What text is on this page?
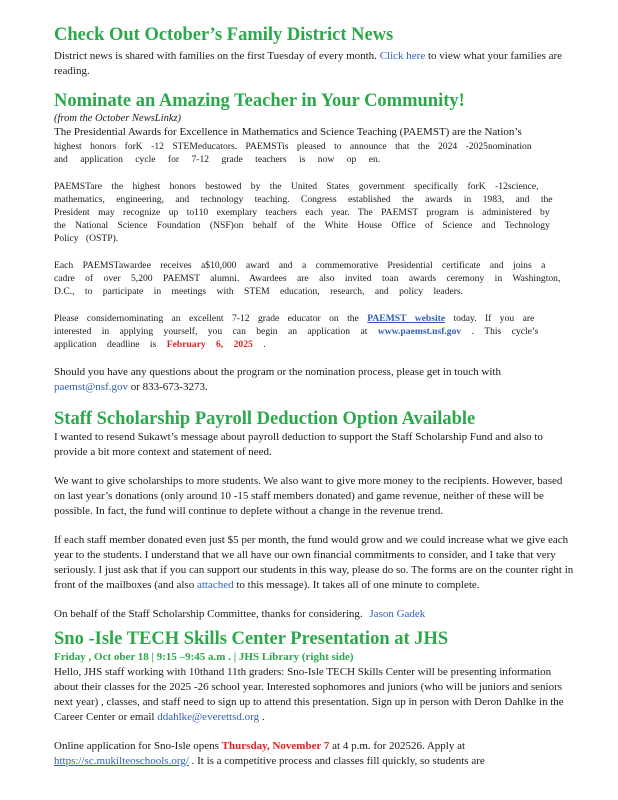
Check Out October’s Family District News

District news is shared with families on the first Tuesday of every month. Click here to view what your families are reading.

Nominate an Amazing Teacher in Your Community!

(from the October NewsLinkz)

The Presidential Awards for Excellence in Mathematics and Science Teaching (PAEMST) are the Nation’s

highest honors forK -12 STEMeducators. PAEMSTis pleased to announce that the 2024 -2025nomination

and application cycle for 7-12 grade teachers is now op en.

PAEMSTare the highest honors bestowed by the United States government specifically forK -12science,

mathematics, engineering, and technology teaching. Congress established the awards in 1983, and the

President may recognize up to110 exemplary teachers each year. The PAEMST program is administered by

the National Science Foundation (NSF)on behalf of the White House Office of Science and Technology

Policy (OSTP).

Each PAEMSTawardee receives a$10,000 award and a commemorative Presidential certificate and joins a

cadre of over 5,200 PAEMST alumni. Awardees are also invited toan awards ceremony in Washington,

D.C., to participate in meetings with STEM education, research, and policy leaders.

Please considernominating an excellent 7-12 grade educator on the PAEMST website today. If you are

interested in applying yourself, you can begin an application at www.paemst.nsf.gov . This cycle’s

application deadline is February 6, 2025 .

Should you have any questions about the program or the nomination process, please get in touch with

paemst@nsf.gov or 833-673-3273.

Staff Scholarship Payroll Deduction Option Available

I wanted to resend Sukawt’s message about payroll deduction to support the Staff Scholarship Fund and also to provide a bit more context and statement of need.

We want to give scholarships to more students. We also want to give more money to the recipients. However, based on last year’s donations (only around 10 -15 staff members donated) and game revenue, neither of these will be possible. In fact, the fund will continue to deplete without a change in the revenue trend.

If each staff member donated even just $5 per month, the fund would grow and we could increase what we give each year to the students. I understand that we all have our own financial commitments to consider, and I take that very seriously. I just ask that if you can support our students in this way, please do so. The forms are on the counter right in front of the mailboxes (and also attached to this message). It takes all of one minute to complete.

On behalf of the Staff Scholarship Committee, thanks for considering. Jason Gadek

Sno -Isle TECH Skills Center Presentation at JHS

Friday , Oct ober 18 | 9:15 –9:45 a.m . | JHS Library (right side)

Hello, JHS staff working with 10thand 11th graders: Sno-Isle TECH Skills Center will be presenting information about their classes for the 2025 -26 school year. Interested sophomores and juniors (who will be juniors and seniors next year) , classes, and staff need to sign up to attend this presentation. Sign up in person with Deron Dahlke in the Career Center or email ddahlke@everettsd.org .

Online application for Sno-Isle opens Thursday, November 7 at 4 p.m. for 202526. Apply at https://sc.mukilteoschools.org/ . It is a competitive process and classes fill quickly, so students are
